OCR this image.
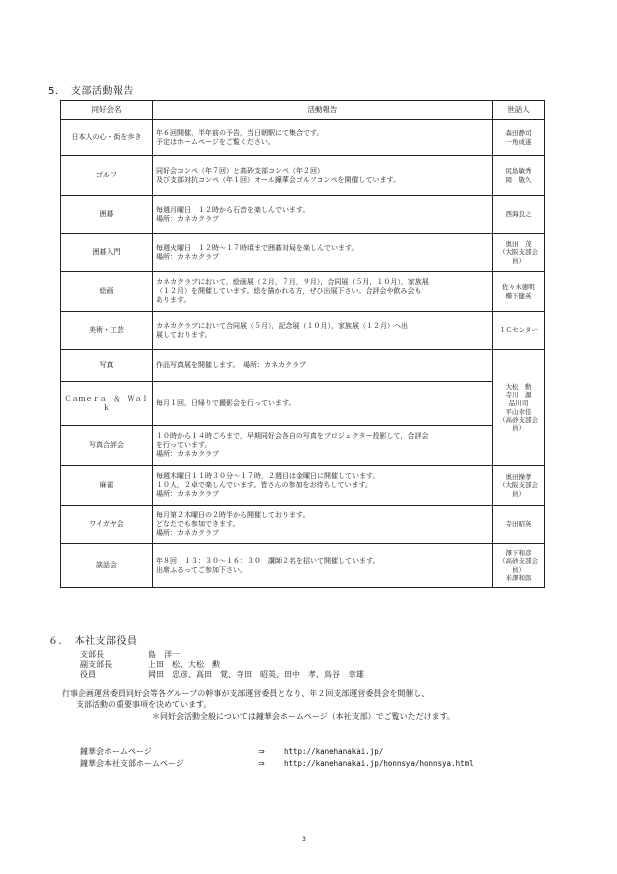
5．　支部活動報告
同好会名	活動報告	世話人
日本人の心・街を歩き	年６回開催，半年前の予告，当日朝駅にて集合です。
予定はホームページをご覧ください。	森田静司
一角成遂
ゴルフ	同好会コンペ（年７回）と高砂支部コンペ（年２回）
及び支部対抗コンペ（年１回）オール鐘華会ゴルフコンペを開催しています。	尻島敏秀
岡　敬久
囲碁	毎週月曜日　１２時から石音を楽しんでいます。
場所：カネカクラブ	西海良之
囲碁入門	毎週火曜日　１２時〜１７時頃まで囲碁対局を楽しんでいます。
場所：カネカクラブ	奥田　茂
（大阪支部会員）
絵画	カネカクラブにおいて，絵画展（２月，７月，９月），合同展（５月，１０月），家族展
（１２月）を開催しています。絵を描かれる方，ぜひ出展下さい。合評会や飲み会も
あります。	佐々木徳明
櫛下健英
美術・工芸	カネカクラブにおいて合同展（５月），記念展（１０月），家族展（１２月）へ出
展しております。	ＩＣセンター
写真	作品写真展を開催します。　場所：カネカクラブ	大松　勲
寺川　源
品川司
平山幸佳
（高砂支部会員）
Ｃａｍｅｒａ　＆　Ｗａｌｋ	毎月１回，日帰りで撮影会を行っています。	
写真合評会	１０時から１４時ごろまで，早期同好会各自の写真をプロジェクター投影して，合評会
を行っています。
場所：カネカクラブ	
麻雀	毎週木曜日１１時３０分〜１７時，２週目は金曜日に開催しています。
１０人，２卓で楽しんでいます。皆さんの参加をお待ちしています。
場所：カネカクラブ	奥田操孝
（大阪支部会員）
ワイガヤ会	毎月第２木曜日の２時半から開催しております。
どなたでも参加できます。
場所：カネカクラブ	寺田昭英
談話会	年８回　１３：３０〜１６：３０　講師２名を招いて開催しています。
出席ふるってご参加下さい。	澤下和彦
（高砂支部会員）
米澤和郎
６．　本社支部役員
支部長	島　洋一
副支部長	上田　松、大松　勲
役員	岡田　忠彦、高田　覚、寺田　昭英、田中　孝、鳥谷　幸雄
行事企画運営委員同好会等各グループの幹事が支部運営委員となり、年２回支部運営委員会を開催し、
支部活動の重要事項を決めています。
＊同好会活動全般については鐘華会ホームページ（本社支部）でご覧いただけます。
鐘華会ホームページ	⇒	http://kanehanakai.jp/
鐘華会本社支部ホームページ	⇒	http://kanehanakai.jp/honnsya/honnsya.html
3
